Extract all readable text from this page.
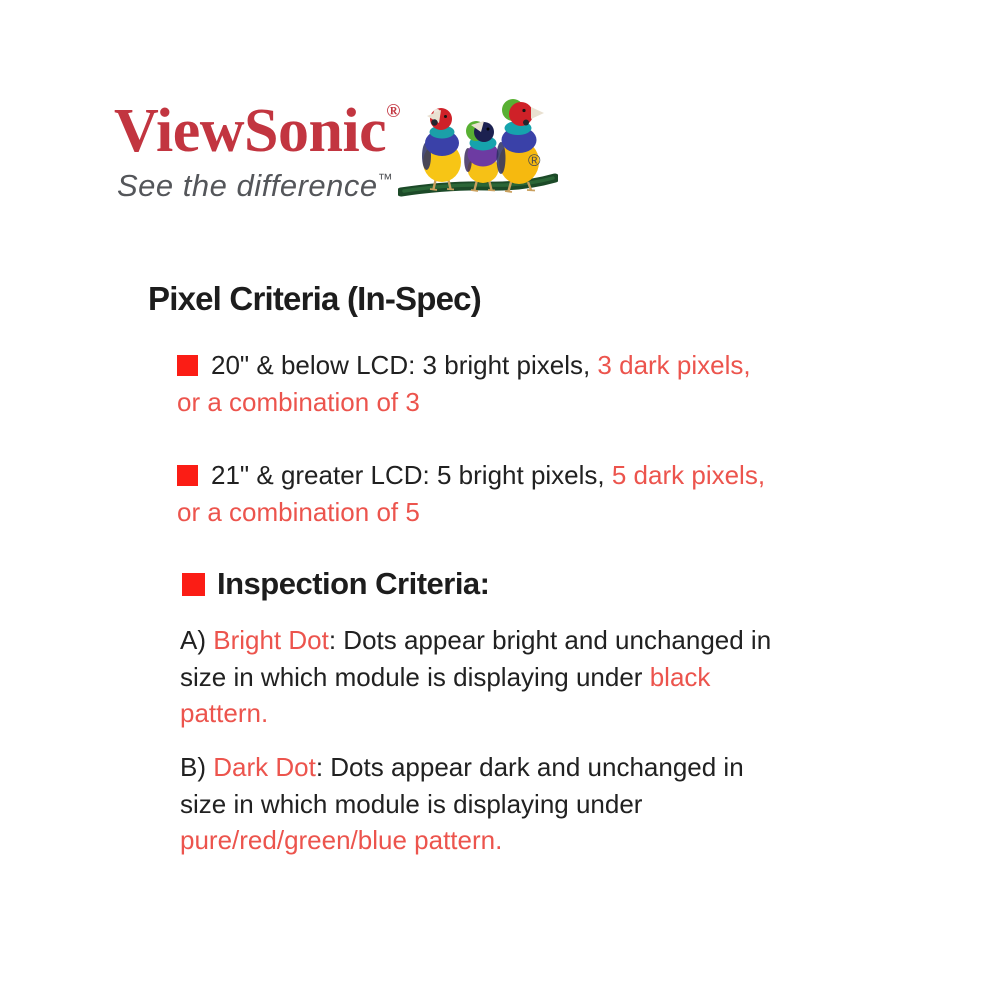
ViewSonic®
See the difference™
®
Pixel Criteria (In-Spec)

20" & below LCD: 3 bright pixels, 3 dark pixels,
or a combination of 3

21" & greater LCD: 5 bright pixels, 5 dark pixels,
or a combination of 5

Inspection Criteria:

A) Bright Dot: Dots appear bright and unchanged in
size in which module is displaying under black
pattern.

B) Dark Dot: Dots appear dark and unchanged in
size in which module is displaying under
pure/red/green/blue pattern.
